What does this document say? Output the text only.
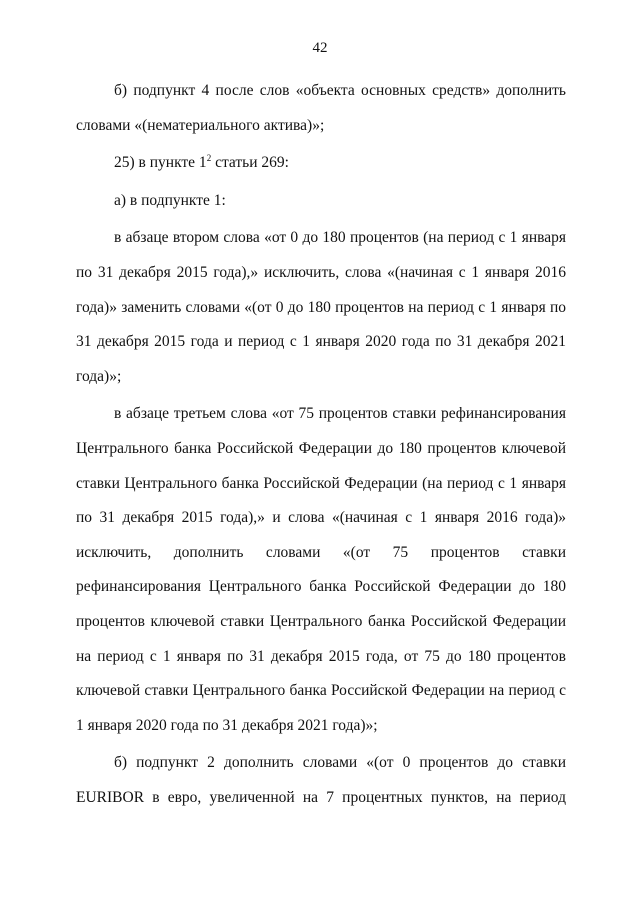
42

б) подпункт 4 после слов «объекта основных средств» дополнить словами «(нематериального актива)»;

25) в пункте $1^2$ статьи 269:

а) в подпункте 1:

в абзаце втором слова «от 0 до 180 процентов (на период с 1 января по 31 декабря 2015 года),» исключить, слова «(начиная с 1 января 2016 года)» заменить словами «(от 0 до 180 процентов на период с 1 января по 31 декабря 2015 года и период с 1 января 2020 года по 31 декабря 2021 года)»;

в абзаце третьем слова «от 75 процентов ставки рефинансирования Центрального банка Российской Федерации до 180 процентов ключевой ставки Центрального банка Российской Федерации (на период с 1 января по 31 декабря 2015 года),» и слова «(начиная с 1 января 2016 года)» исключить, дополнить словами «(от 75 процентов ставки рефинансирования Центрального банка Российской Федерации до 180 процентов ключевой ставки Центрального банка Российской Федерации на период с 1 января по 31 декабря 2015 года, от 75 до 180 процентов ключевой ставки Центрального банка Российской Федерации на период с 1 января 2020 года по 31 декабря 2021 года)»;

б) подпункт 2 дополнить словами «(от 0 процентов до ставки EURIBOR в евро, увеличенной на 7 процентных пунктов, на период
